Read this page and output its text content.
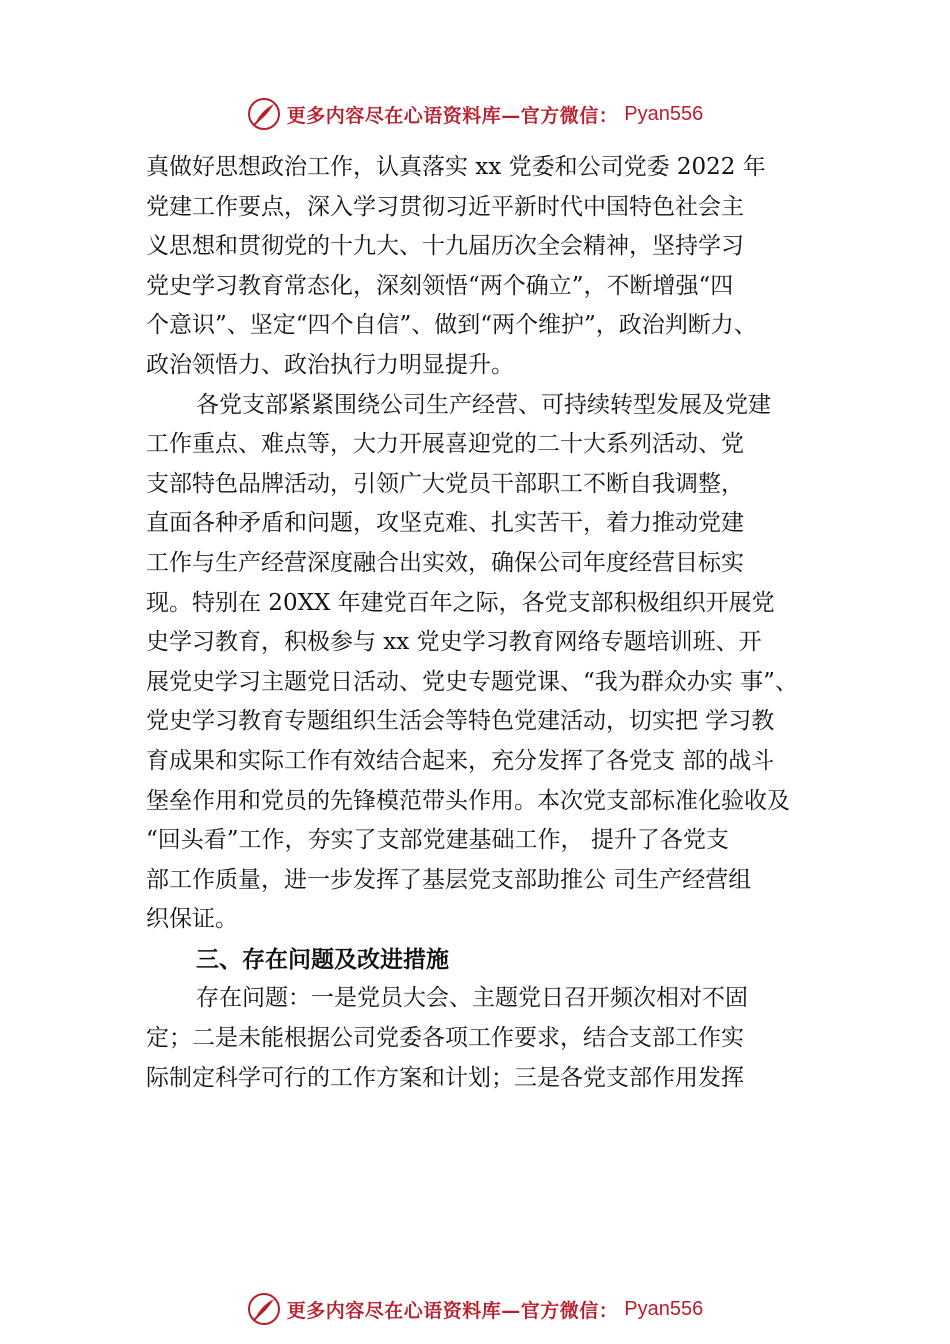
更多内容尽在心语资料库—官方微信： Pyan556
真做好思想政治工作，认真落实 xx 党委和公司党委 2022 年
党建工作要点，深入学习贯彻习近平新时代中国特色社会主
义思想和贯彻党的十九大、十九届历次全会精神，坚持学习
党史学习教育常态化，深刻领悟“两个确立”，不断增强“四
个意识”、坚定“四个自信”、做到“两个维护”，政治判断力、
政治领悟力、政治执行力明显提升。
各党支部紧紧围绕公司生产经营、可持续转型发展及党建
工作重点、难点等，大力开展喜迎党的二十大系列活动、党
支部特色品牌活动，引领广大党员干部职工不断自我调整，
直面各种矛盾和问题，攻坚克难、扎实苦干，着力推动党建
工作与生产经营深度融合出实效，确保公司年度经营目标实
现。特别在 20XX 年建党百年之际，各党支部积极组织开展党
史学习教育，积极参与 xx 党史学习教育网络专题培训班、开
展党史学习主题党日活动、党史专题党课、“我为群众办实 事”、
党史学习教育专题组织生活会等特色党建活动，切实把 学习教
育成果和实际工作有效结合起来，充分发挥了各党支 部的战斗
堡垒作用和党员的先锋模范带头作用。本次党支部标准化验收及
“回头看”工作，夯实了支部党建基础工作， 提升了各党支
部工作质量，进一步发挥了基层党支部助推公 司生产经营组
织保证。
三、存在问题及改进措施
存在问题：一是党员大会、主题党日召开频次相对不固
定；二是未能根据公司党委各项工作要求，结合支部工作实
际制定科学可行的工作方案和计划；三是各党支部作用发挥
更多内容尽在心语资料库—官方微信： Pyan556
